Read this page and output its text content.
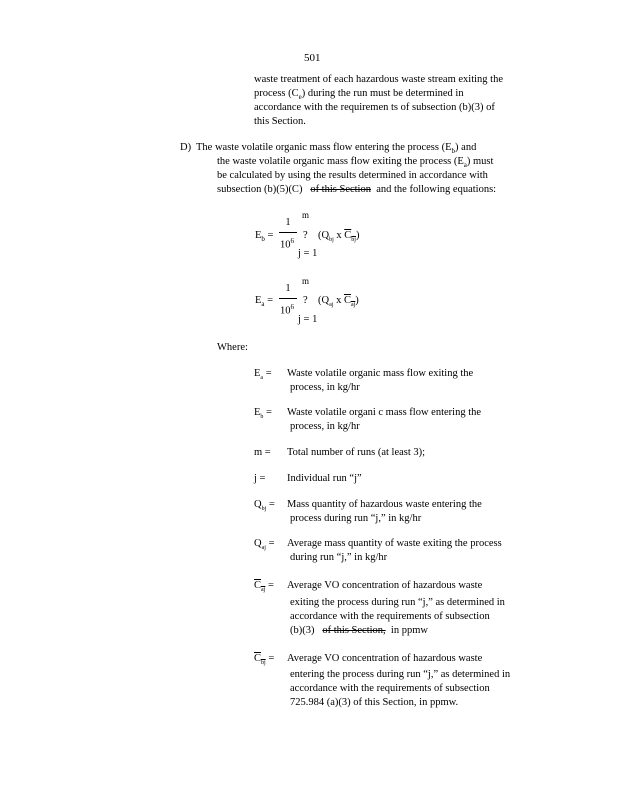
501
waste treatment of each hazardous waste stream exiting the
process $(C_e)$ during the run must be determined in
accordance with the requiremen ts of subsection (b)(3) of
this Section.
D) The waste volatile organic mass flow entering the process $(E_b)$ and
the waste volatile organic mass flow exiting the process $(E_a)$ must
be calculated by using the results determined in accordance with
subsection (b)(5)(C) of this Section and the following equations:
m
$E_b$ =
1
$10^6$ ? ($Q_{bj}$ x $C_{bj}$)
j = 1
m
$E_a$ =
1
$10^6$
? ($Q_{aj}$ x $C_{aj}$)
j = 1
Where:
$E_a$ = Waste volatile organic mass flow exiting the
process, in kg/hr
$E_b$ = Waste volatile organi c mass flow entering the
process, in kg/hr
m = Total number of runs (at least 3);
j = Individual run “j”
$Q_{bj}$ = Mass quantity of hazardous waste entering the
process during run “j,” in kg/hr
$Q_{aj}$ = Average mass quantity of waste exiting the process
during run “j,” in kg/hr
$C_{aj}$ = Average VO concentration of hazardous waste
exiting the process during run “j,” as determined in
accordance with the requirements of subsection
(b)(3) of this Section, in ppmw
$C_{bj}$ = Average VO concentration of hazardous waste
entering the process during run “j,” as determined in
accordance with the requirements of subsection
725.984 (a)(3) of this Section, in ppmw.
